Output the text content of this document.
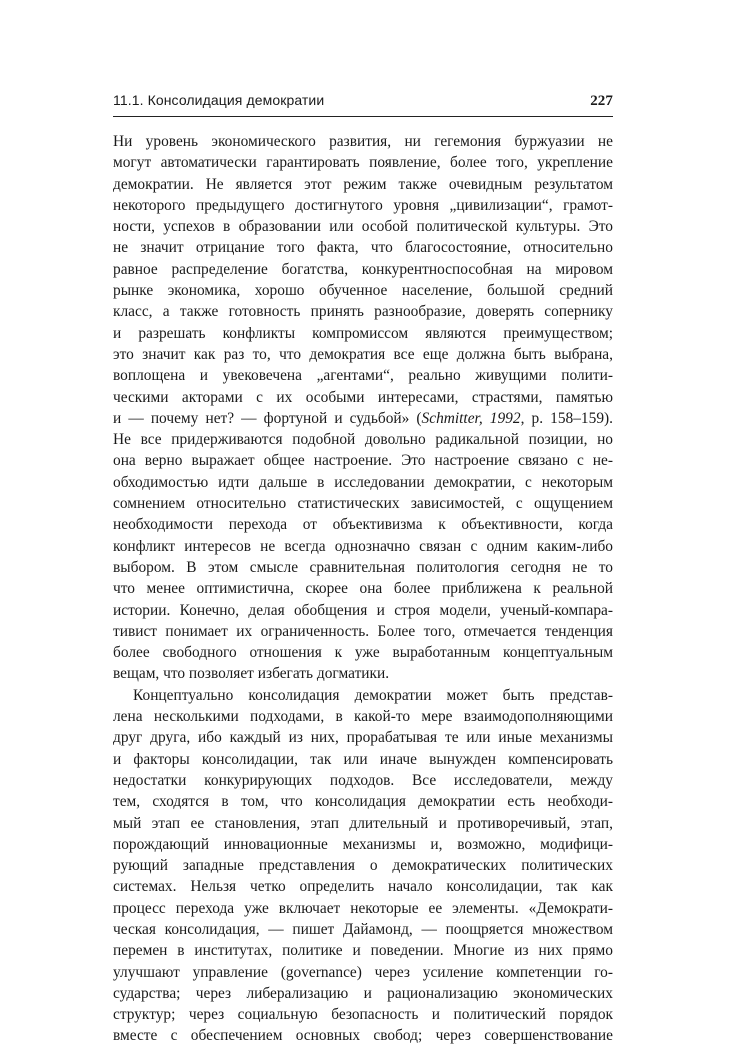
11.1. Консолидация демократии	227
Ни уровень экономического развития, ни гегемония буржуазии не
могут автоматически гарантировать появление, более того, укрепление
демократии. Не является этот режим также очевидным результатом
некоторого предыдущего достигнутого уровня „цивилизации“, грамот-
ности, успехов в образовании или особой политической культуры. Это
не значит отрицание того факта, что благосостояние, относительно
равное распределение богатства, конкурентноспособная на мировом
рынке экономика, хорошо обученное население, большой средний
класс, а также готовность принять разнообразие, доверять сопернику
и разрешать конфликты компромиссом являются преимуществом;
это значит как раз то, что демократия все еще должна быть выбрана,
воплощена и увековечена „агентами“, реально живущими полити-
ческими акторами с их особыми интересами, страстями, памятью
и — почему нет? — фортуной и судьбой» (Schmitter, 1992, p. 158–159).
Не все придерживаются подобной довольно радикальной позиции, но
она верно выражает общее настроение. Это настроение связано с не-
обходимостью идти дальше в исследовании демократии, с некоторым
сомнением относительно статистических зависимостей, с ощущением
необходимости перехода от объективизма к объективности, когда
конфликт интересов не всегда однозначно связан с одним каким-либо
выбором. В этом смысле сравнительная политология сегодня не то
что менее оптимистична, скорее она более приближена к реальной
истории. Конечно, делая обобщения и строя модели, ученый-компара-
тивист понимает их ограниченность. Более того, отмечается тенденция
более свободного отношения к уже выработанным концептуальным
вещам, что позволяет избегать догматики.
Концептуально консолидация демократии может быть представ-
лена несколькими подходами, в какой-то мере взаимодополняющими
друг друга, ибо каждый из них, прорабатывая те или иные механизмы
и факторы консолидации, так или иначе вынужден компенсировать
недостатки конкурирующих подходов. Все исследователи, между
тем, сходятся в том, что консолидация демократии есть необходи-
мый этап ее становления, этап длительный и противоречивый, этап,
порождающий инновационные механизмы и, возможно, модифици-
рующий западные представления о демократических политических
системах. Нельзя четко определить начало консолидации, так как
процесс перехода уже включает некоторые ее элементы. «Демократи-
ческая консолидация, — пишет Дайамонд, — поощряется множеством
перемен в институтах, политике и поведении. Многие из них прямо
улучшают управление (governance) через усиление компетенции го-
сударства; через либерализацию и рационализацию экономических
структур; через социальную безопасность и политический порядок
вместе с обеспечением основных свобод; через совершенствование
